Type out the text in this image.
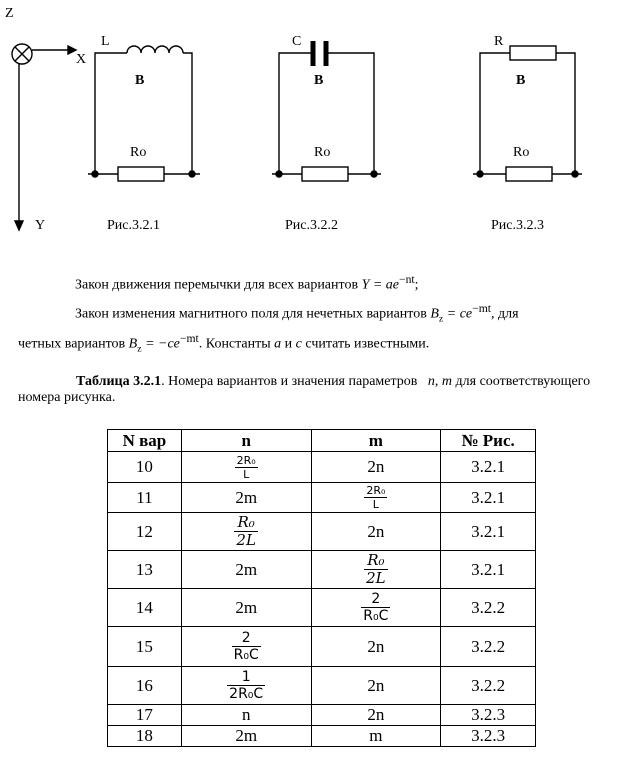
Z
X
Y
L
B
Ro
Рис.3.2.1
C
B
Ro
Рис.3.2.2
R
B
Ro
Рис.3.2.3
Закон движения перемычки для всех вариантов $Y = ae^{-nt}$;
Закон изменения магнитного поля для нечетных вариантов $B_z = ce^{-mt}$, для
четных вариантов $B_z = -ce^{-mt}$. Константы a и c считать известными.
Таблица 3.2.1. Номера вариантов и значения параметров n, m для соответствующего номера рисунка.
N вар	n	m	№ Рис.
10	$\frac{\text{2R₀}}{L}$	2n	3.2.1
11	2m	$\frac{\text{2R₀}}{L}$	3.2.1
12	$\frac{\text{R₀}}{2L}$	2n	3.2.1
13	2m	$\frac{\text{R₀}}{2L}$	3.2.1
14	2m	$\frac{2}{\text{R₀C}}$	3.2.2
15	$\frac{2}{\text{R₀C}}$	2n	3.2.2
16	$\frac{1}{\text{2R₀C}}$	2n	3.2.2
17	n	2n	3.2.3
18	2m	m	3.2.3
